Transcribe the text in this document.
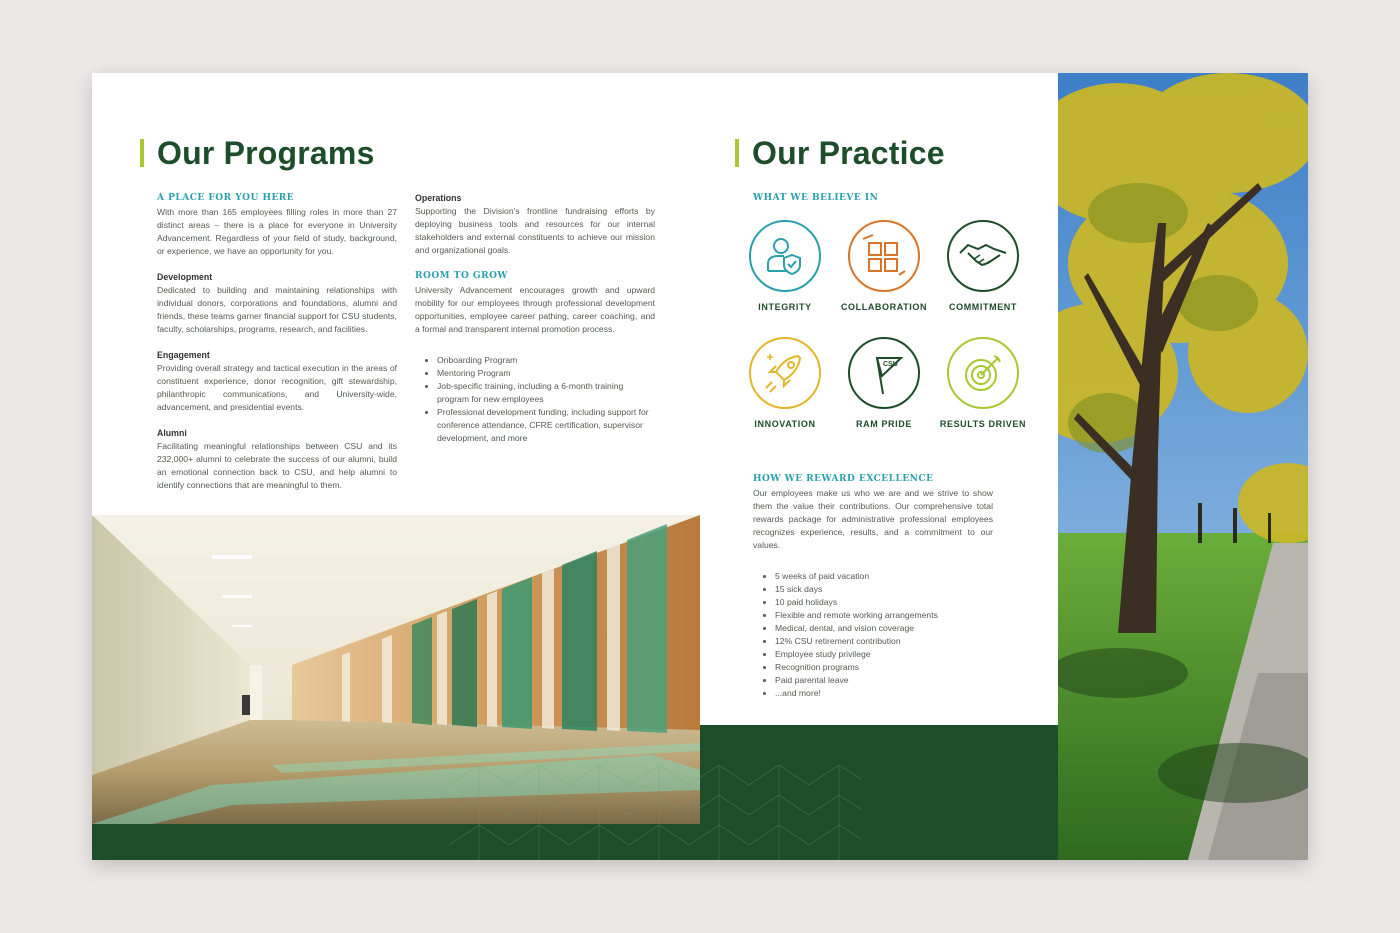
Our Programs
A PLACE FOR YOU HERE

With more than 165 employees filling roles in more than 27 distinct areas – there is a place for everyone in University Advancement. Regardless of your field of study, background, or experience, we have an opportunity for you.

Development

Dedicated to building and maintaining relationships with individual donors, corporations and foundations, alumni and friends, these teams garner financial support for CSU students, faculty, scholarships, programs, research, and facilities.

Engagement

Providing overall strategy and tactical execution in the areas of constituent experience, donor recognition, gift stewardship, philanthropic communications, and University-wide, advancement, and presidential events.

Alumni

Facilitating meaningful relationships between CSU and its 232,000+ alumni to celebrate the success of our alumni, build an emotional connection back to CSU, and help alumni to identify connections that are meaningful to them.

Operations

Supporting the Division's frontline fundraising efforts by deploying business tools and resources for our internal stakeholders and external constituents to achieve our mission and organizational goals.

ROOM TO GROW

University Advancement encourages growth and upward mobility for our employees through professional development opportunities, employee career pathing, career coaching, and a formal and transparent internal promotion process.

• Onboarding Program
• Mentoring Program
• Job-specific training, including a 6-month training program for new employees
• Professional development funding, including support for conference attendance, CFRE certification, supervisor development, and more
Our Practice
WHAT WE BELIEVE IN
INTEGRITY	COLLABORATION	COMMITMENT
INNOVATION
CSU
RAM PRIDE	RESULTS DRIVEN
HOW WE REWARD EXCELLENCE

Our employees make us who we are and we strive to show them the value their contributions. Our comprehensive total rewards package for administrative professional employees recognizes experience, results, and a commitment to our values.

• 5 weeks of paid vacation
• 15 sick days
• 10 paid holidays
• Flexible and remote working arrangements
• Medical, dental, and vision coverage
• 12% CSU retirement contribution
• Employee study privilege
• Recognition programs
• Paid parental leave
• ...and more!
